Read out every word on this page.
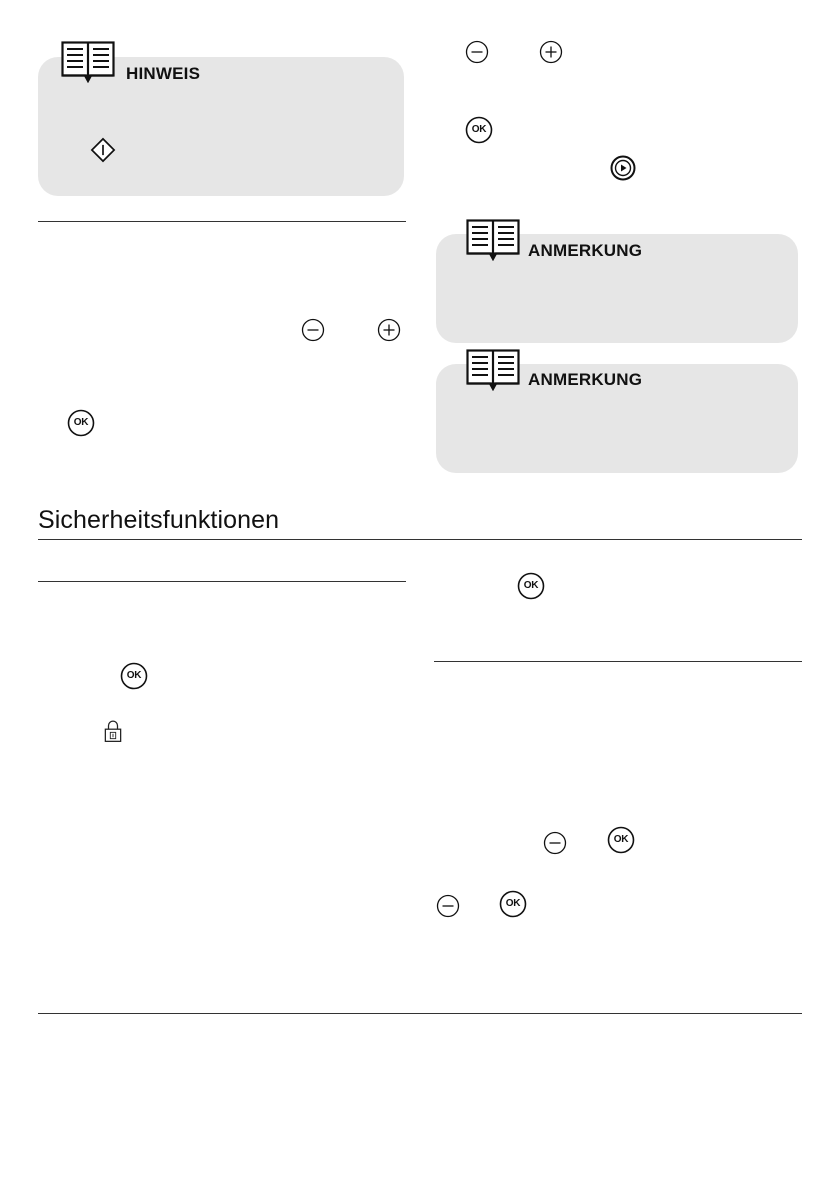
HINWEIS
OK
OK
ANMERKUNG
ANMERKUNG
Sicherheitsfunktionen
OK
OK
OK
OK
